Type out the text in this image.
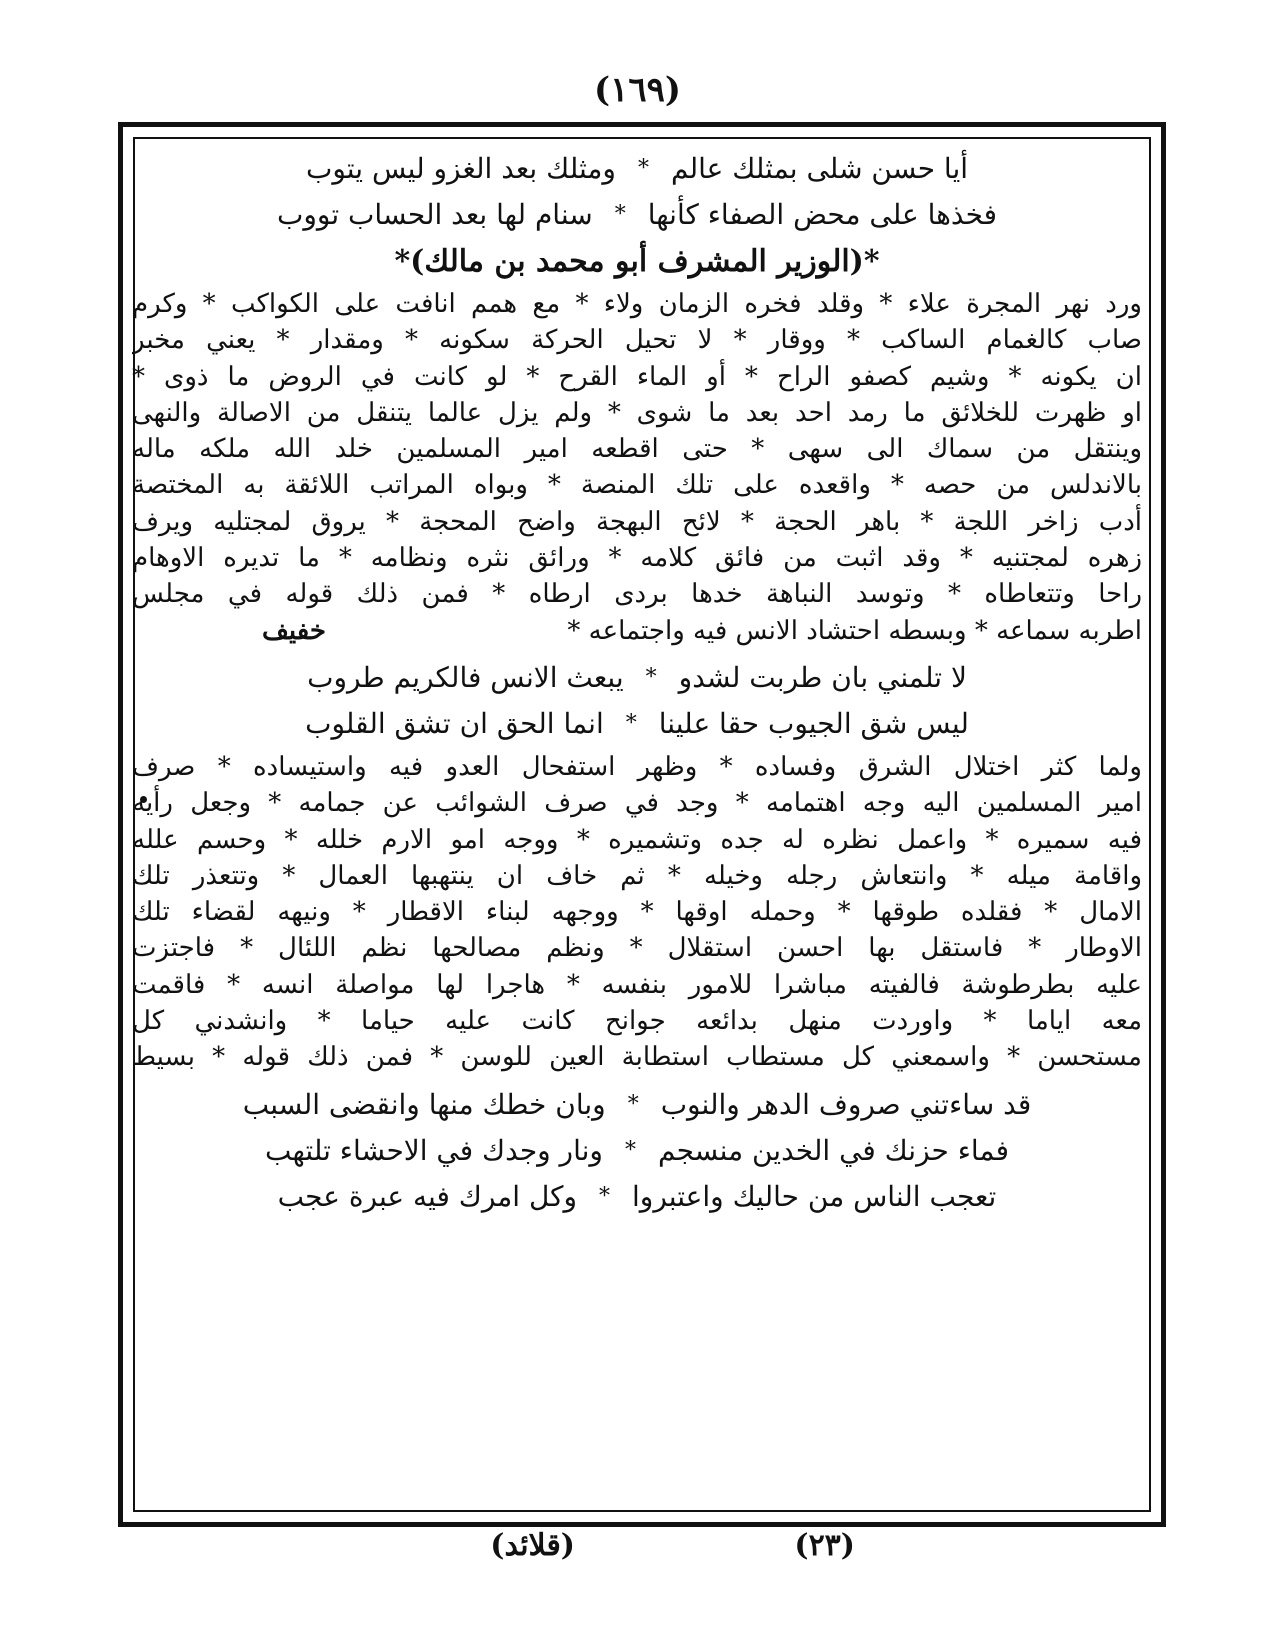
(١٦٩)
أيا حسن شلى بمثلك عالم
*
ومثلك بعد الغزو ليس يتوب
فخذها على محض الصفاء كأنها
*
سنام لها بعد الحساب تووب
*(الوزير المشرف أبو محمد بن مالك)*
ورد نهر المجرة علاء * وقلد فخره الزمان ولاء * مع همم انافت على الكواكب * وكرم
صاب كالغمام الساكب * ووقار * لا تحيل الحركة سكونه * ومقدار * يعني مخبر
ان يكونه * وشيم كصفو الراح * أو الماء القرح * لو كانت في الروض ما ذوى *
او ظهرت للخلائق ما رمد احد بعد ما شوى * ولم يزل عالما يتنقل من الاصالة والنهى
وينتقل من سماك الى سهى * حتى اقطعه امير المسلمين خلد الله ملكه ماله
بالاندلس من حصه * واقعده على تلك المنصة * وبواه المراتب اللائقة به المختصة
أدب زاخر اللجة * باهر الحجة * لائح البهجة واضح المحجة * يروق لمجتليه ويرف
زهره لمجتنيه * وقد اثبت من فائق كلامه * ورائق نثره ونظامه * ما تديره الاوهام
راحا وتتعاطاه * وتوسد النباهة خدها بردى ارطاه * فمن ذلك قوله في مجلس
اطربه سماعه * وبسطه احتشاد الانس فيه واجتماعه *
خفيف
لا تلمني بان طربت لشدو
*
يبعث الانس فالكريم طروب
ليس شق الجيوب حقا علينا
*
انما الحق ان تشق القلوب
ولما كثر اختلال الشرق وفساده * وظهر استفحال العدو فيه واستيساده * صرف
امير المسلمين اليه وجه اهتمامه * وجد في صرف الشوائب عن جمامه * وجعل رأيه
فيه سميره * واعمل نظره له جده وتشميره * ووجه امو الارم خلله * وحسم علله
واقامة ميله * وانتعاش رجله وخيله * ثم خاف ان ينتهبها العمال * وتتعذر تلك
الامال * فقلده طوقها * وحمله اوقها * ووجهه لبناء الاقطار * ونيهه لقضاء تلك
الاوطار * فاستقل بها احسن استقلال * ونظم مصالحها نظم اللئال * فاجتزت
عليه بطرطوشة فالفيته مباشرا للامور بنفسه * هاجرا لها مواصلة انسه * فاقمت
معه اياما * واوردت منهل بدائعه جوانح كانت عليه حياما * وانشدني كل
مستحسن * واسمعني كل مستطاب استطابة العين للوسن * فمن ذلك قوله * بسيط
قد ساءتني صروف الدهر والنوب
*
وبان خطك منها وانقضى السبب
فماء حزنك في الخدين منسجم
*
ونار وجدك في الاحشاء تلتهب
تعجب الناس من حاليك واعتبروا
*
وكل امرك فيه عبرة عجب
(٢٣)
(قلائد)
